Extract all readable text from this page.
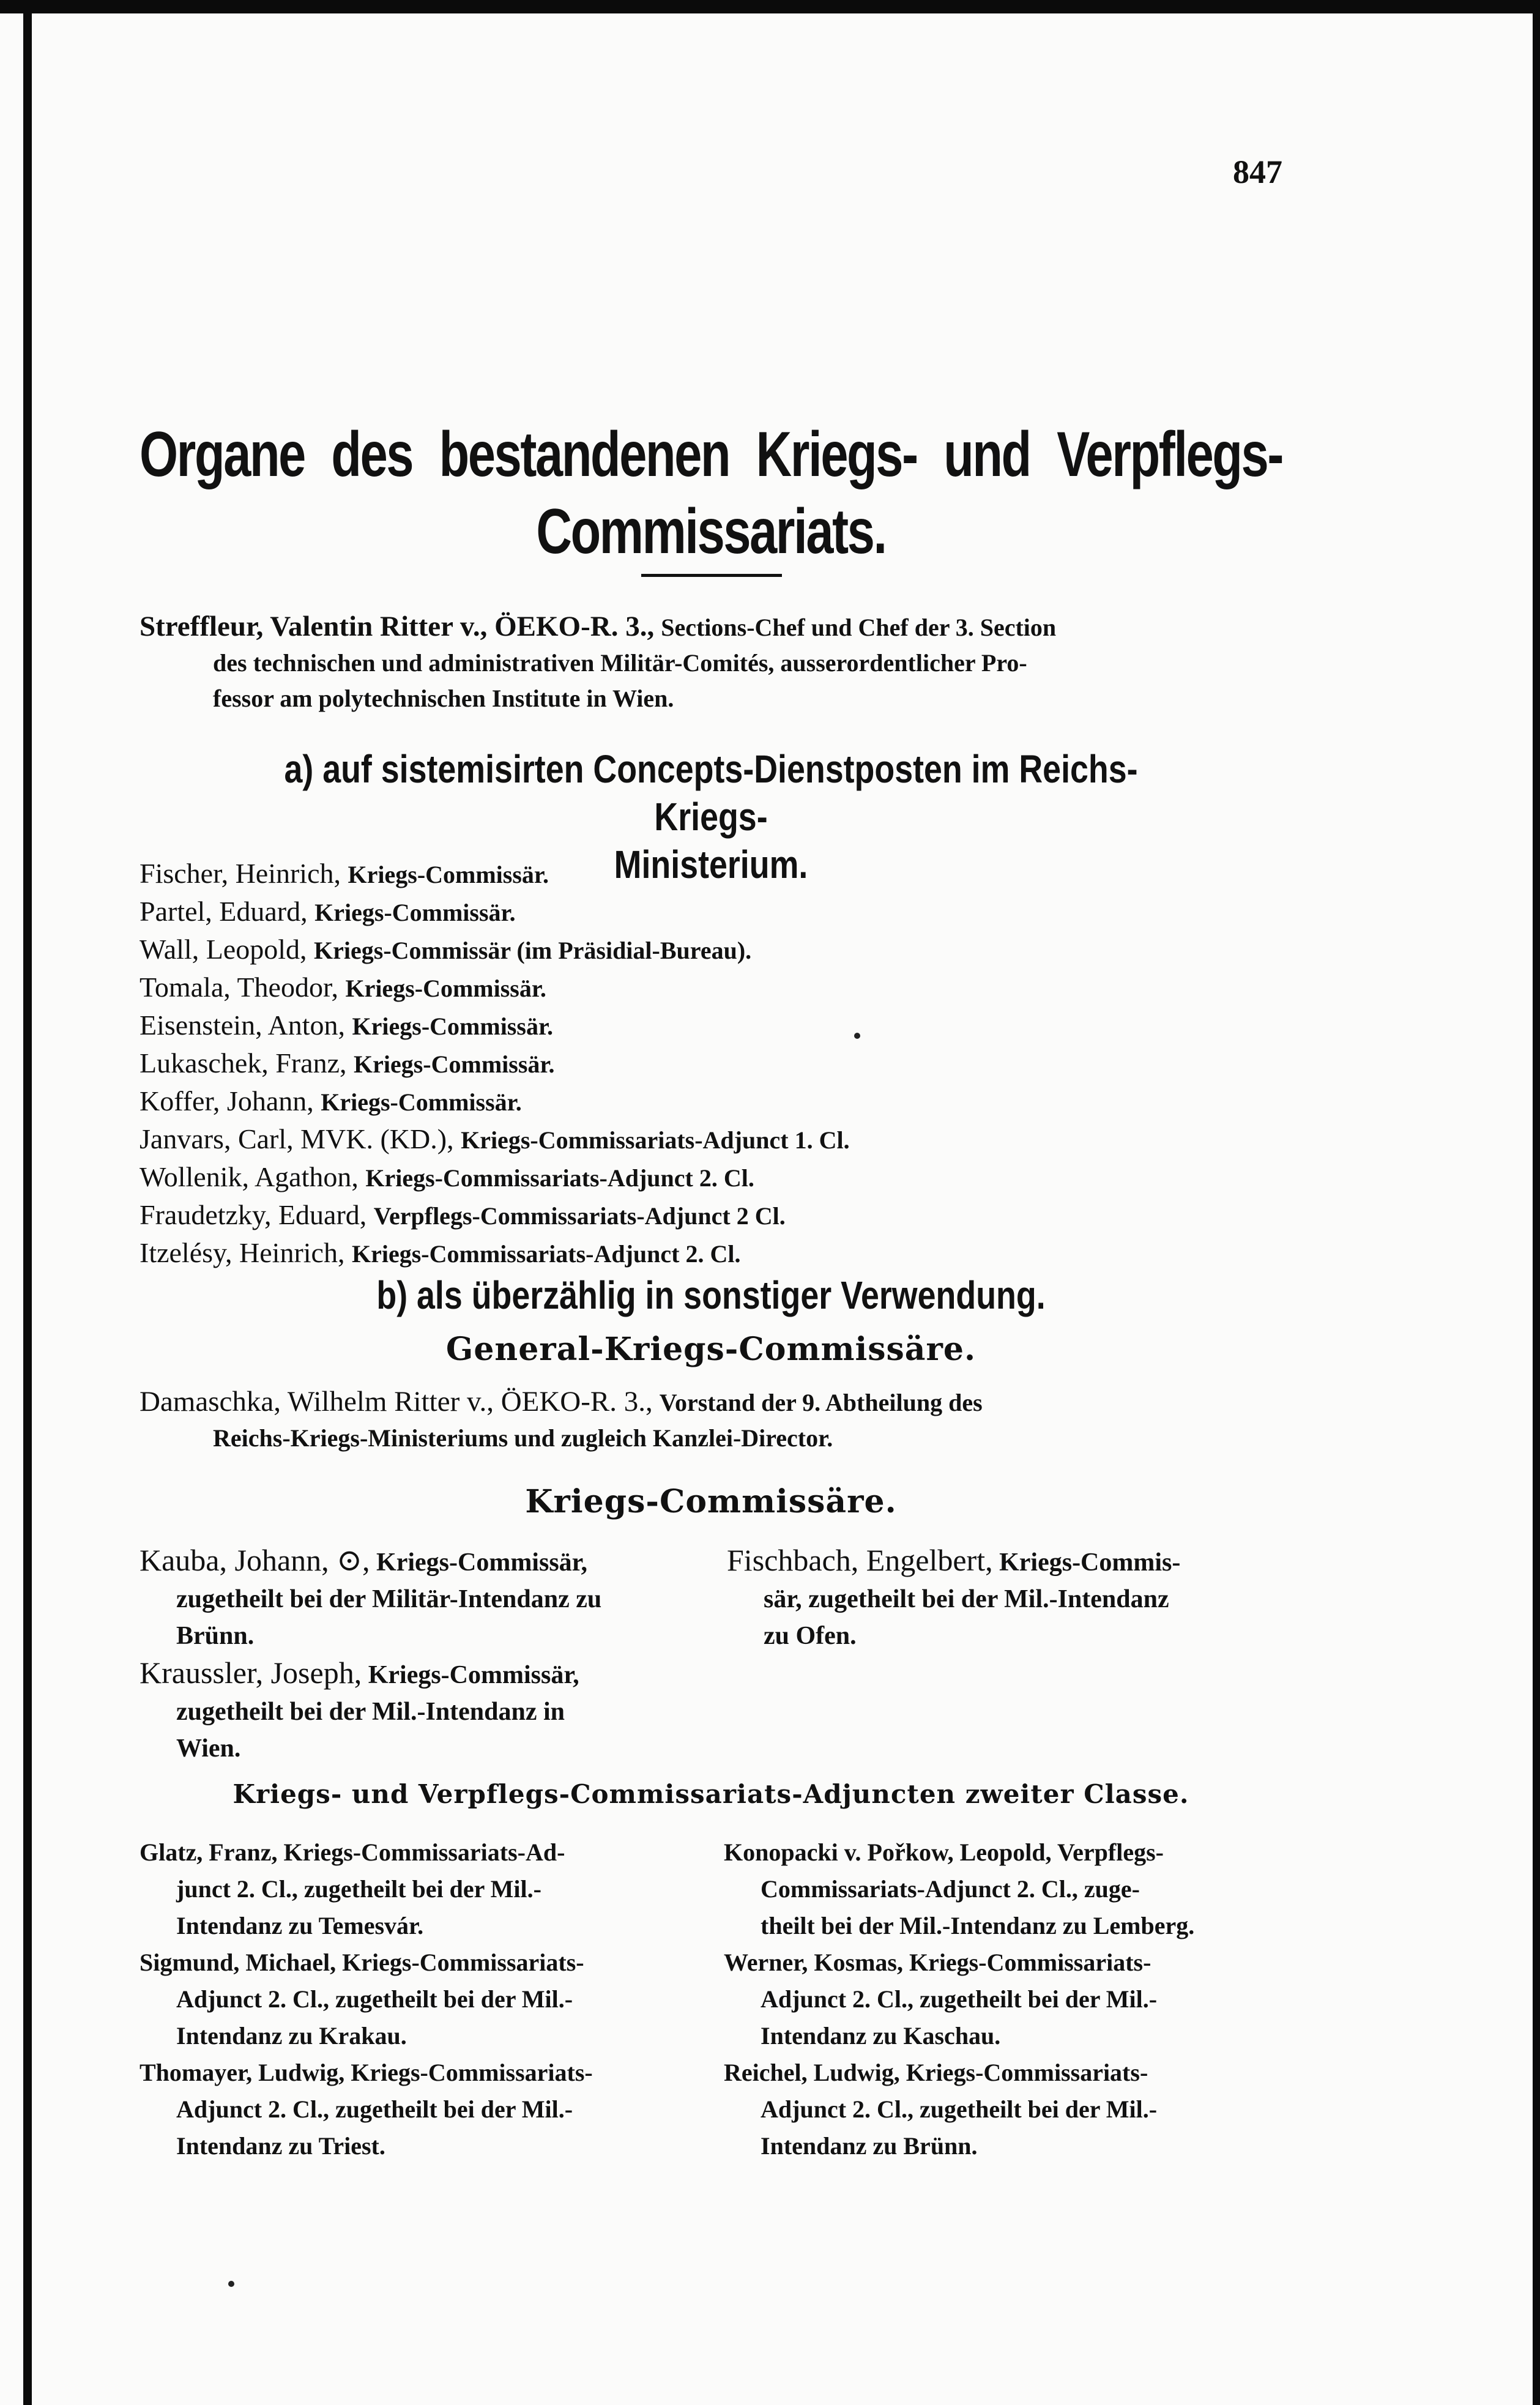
847
Organe des bestandenen Kriegs- und Verpflegs-
Commissariats.
Streffleur, Valentin Ritter v., ÖEKO-R. 3., Sections-Chef und Chef der 3. Section
des technischen und administrativen Militär-Comités, ausserordentlicher Pro-
fessor am polytechnischen Institute in Wien.
a) auf sistemisirten Concepts-Dienstposten im Reichs-Kriegs-
Ministerium.
Fischer, Heinrich, Kriegs-Commissär.
Partel, Eduard, Kriegs-Commissär.
Wall, Leopold, Kriegs-Commissär (im Präsidial-Bureau).
Tomala, Theodor, Kriegs-Commissär.
Eisenstein, Anton, Kriegs-Commissär.
Lukaschek, Franz, Kriegs-Commissär.
Koffer, Johann, Kriegs-Commissär.
Janvars, Carl, MVK. (KD.), Kriegs-Commissariats-Adjunct 1. Cl.
Wollenik, Agathon, Kriegs-Commissariats-Adjunct 2. Cl.
Fraudetzky, Eduard, Verpflegs-Commissariats-Adjunct 2 Cl.
Itzelésy, Heinrich, Kriegs-Commissariats-Adjunct 2. Cl.
b) als überzählig in sonstiger Verwendung.
General-Kriegs-Commissäre.
Damaschka, Wilhelm Ritter v., ÖEKO-R. 3., Vorstand der 9. Abtheilung des
Reichs-Kriegs-Ministeriums und zugleich Kanzlei-Director.
Kriegs-Commissäre.
Kauba, Johann, ⊙, Kriegs-Commissär,
zugetheilt bei der Militär-Intendanz zu
Brünn.
Kraussler, Joseph, Kriegs-Commissär,
zugetheilt bei der Mil.-Intendanz in
Wien.
Fischbach, Engelbert, Kriegs-Commis-
sär, zugetheilt bei der Mil.-Intendanz
zu Ofen.
Kriegs- und Verpflegs-Commissariats-Adjuncten zweiter Classe.
Glatz, Franz, Kriegs-Commissariats-Ad-
junct 2. Cl., zugetheilt bei der Mil.-
Intendanz zu Temesvár.
Sigmund, Michael, Kriegs-Commissariats-
Adjunct 2. Cl., zugetheilt bei der Mil.-
Intendanz zu Krakau.
Thomayer, Ludwig, Kriegs-Commissariats-
Adjunct 2. Cl., zugetheilt bei der Mil.-
Intendanz zu Triest.
Konopacki v. Pořkow, Leopold, Verpflegs-
Commissariats-Adjunct 2. Cl., zuge-
theilt bei der Mil.-Intendanz zu Lemberg.
Werner, Kosmas, Kriegs-Commissariats-
Adjunct 2. Cl., zugetheilt bei der Mil.-
Intendanz zu Kaschau.
Reichel, Ludwig, Kriegs-Commissariats-
Adjunct 2. Cl., zugetheilt bei der Mil.-
Intendanz zu Brünn.
